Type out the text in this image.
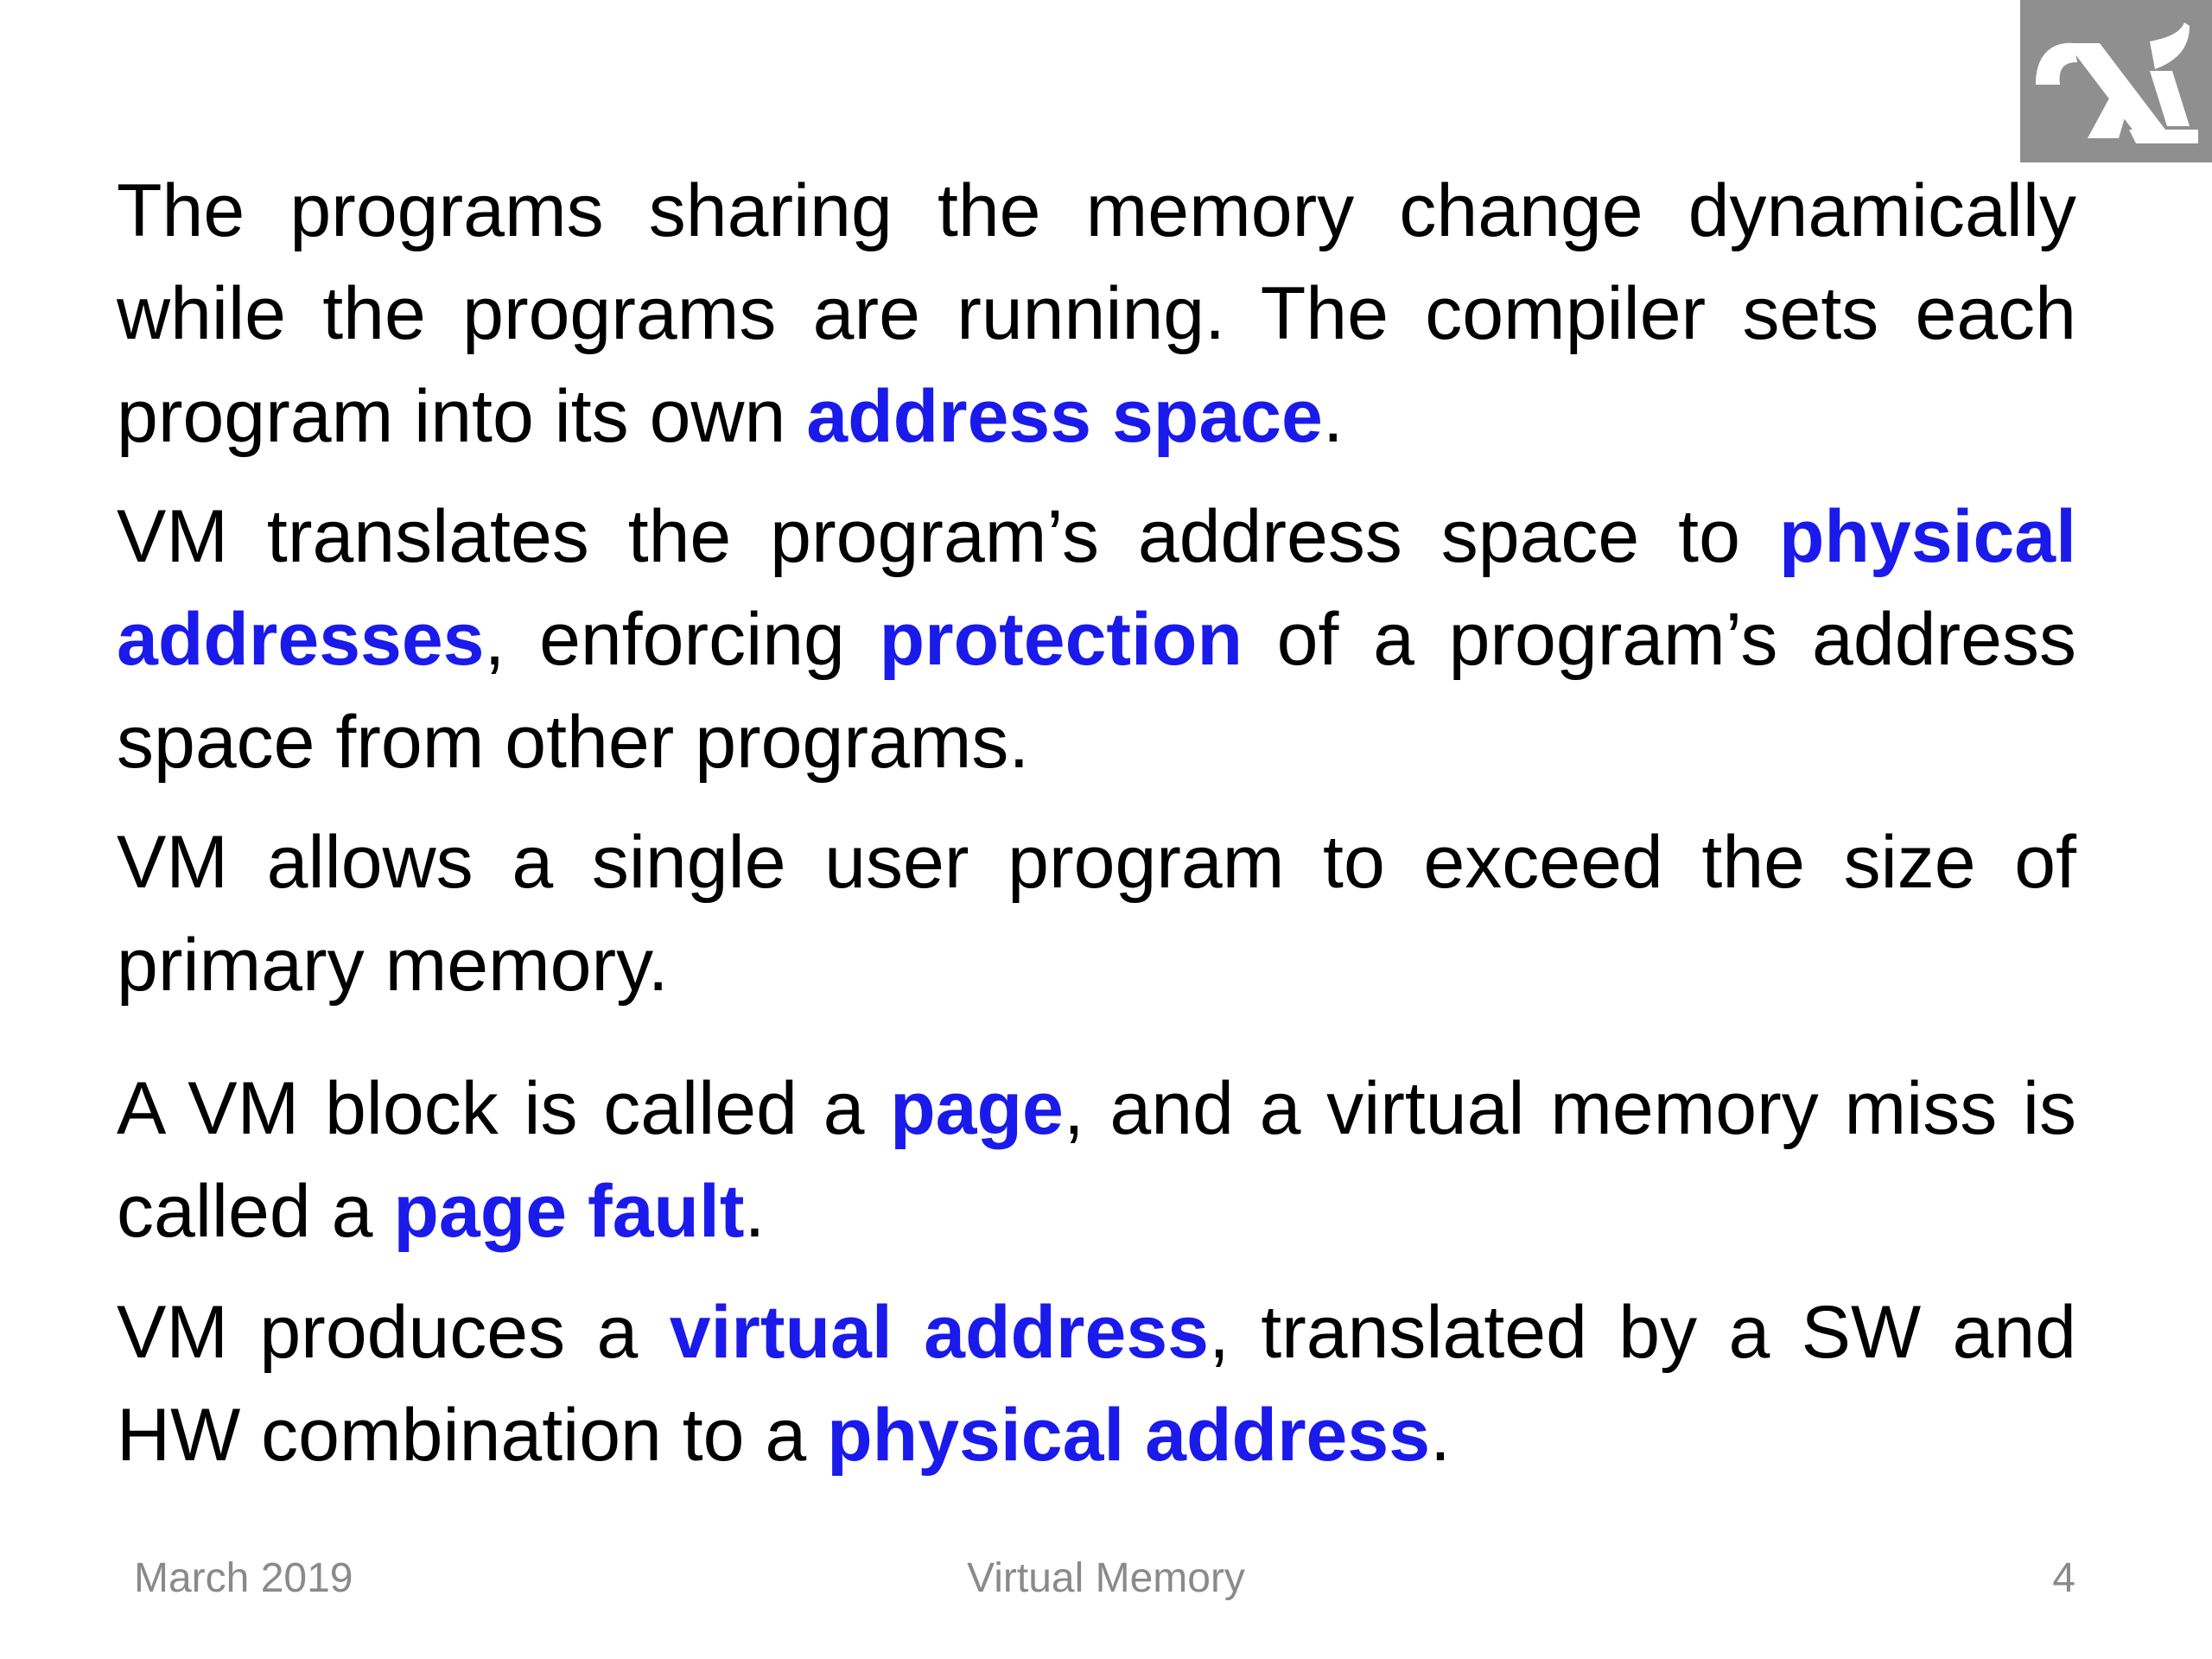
The programs sharing the memory change dynamically while the programs are running. The compiler sets each program into its own address space.

VM translates the program’s address space to physical addresses, enforcing protection of a program’s address space from other programs.

VM allows a single user program to exceed the size of primary memory.

A VM block is called a page, and a virtual memory miss is called a page fault.

VM produces a virtual address, translated by a SW and HW combination to a physical address.

March 2019	Virtual Memory	4
